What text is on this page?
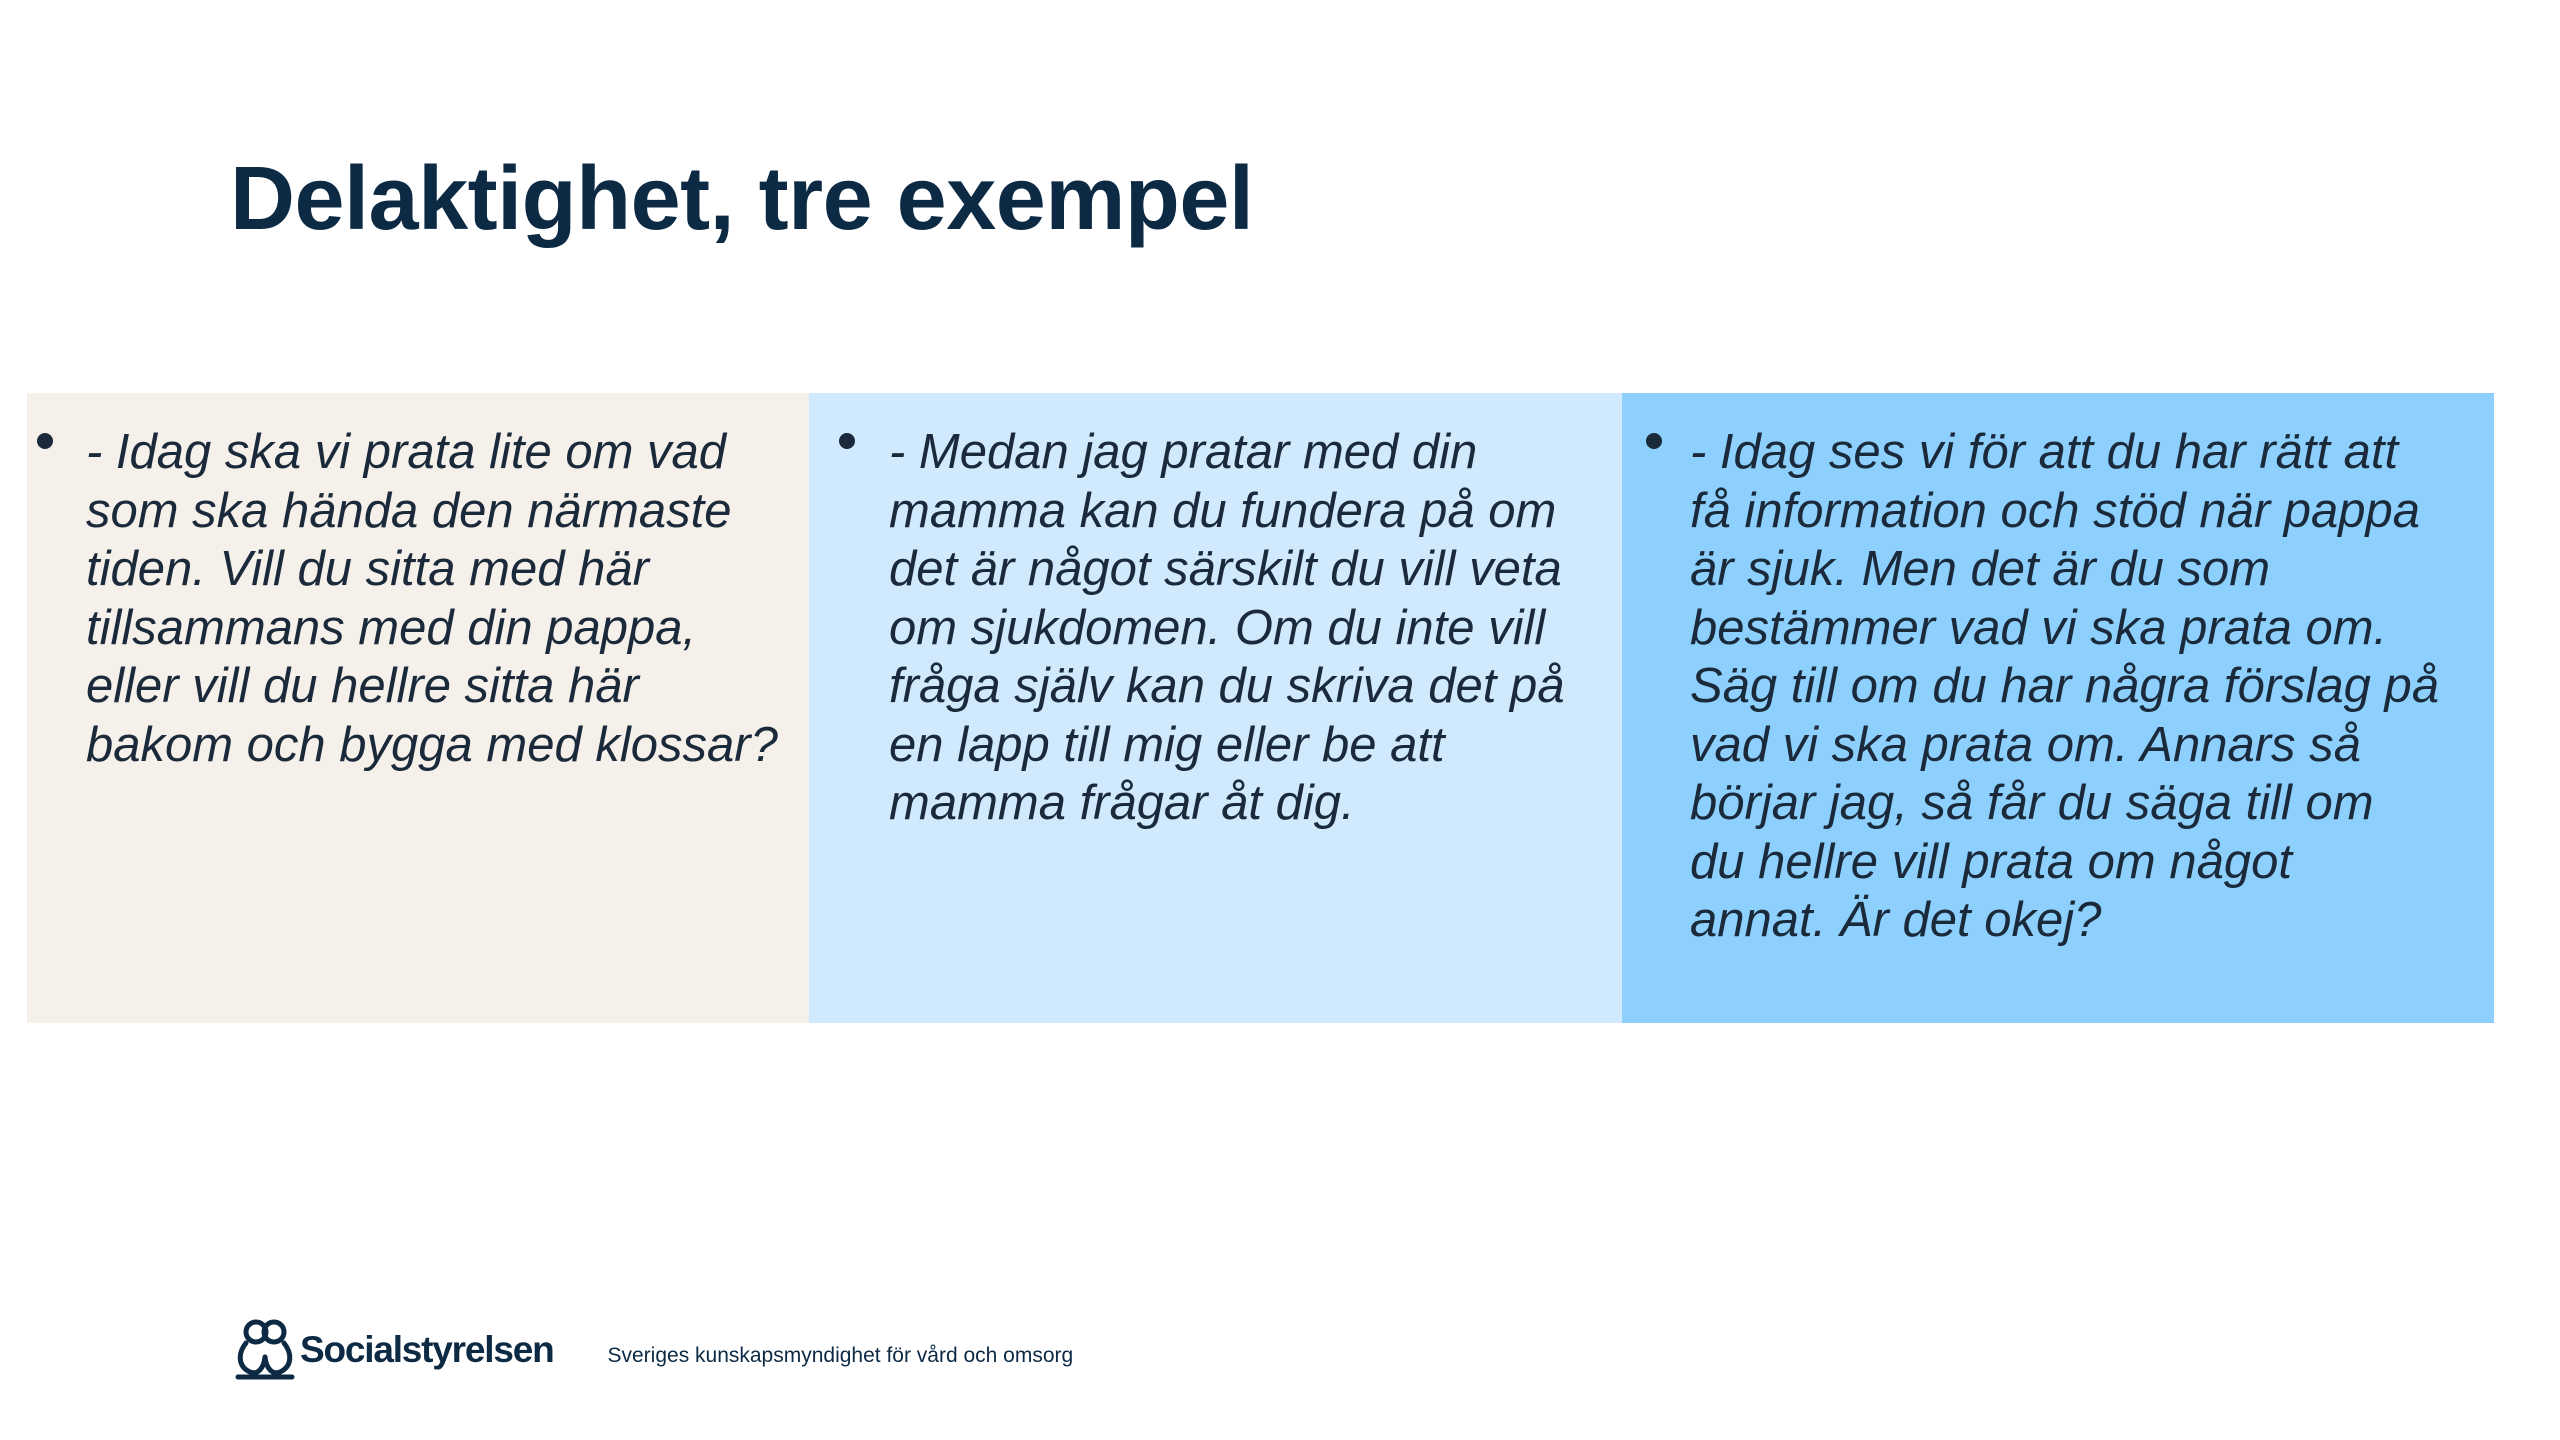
Delaktighet, tre exempel

- Idag ska vi prata lite om vad
som ska hända den närmaste
tiden. Vill du sitta med här
tillsammans med din pappa,
eller vill du hellre sitta här
bakom och bygga med klossar?

- Medan jag pratar med din
mamma kan du fundera på om
det är något särskilt du vill veta
om sjukdomen. Om du inte vill
fråga själv kan du skriva det på
en lapp till mig eller be att
mamma frågar åt dig.

- Idag ses vi för att du har rätt att
få information och stöd när pappa
är sjuk. Men det är du som
bestämmer vad vi ska prata om.
Säg till om du har några förslag på
vad vi ska prata om. Annars så
börjar jag, så får du säga till om
du hellre vill prata om något
annat. Är det okej?

Socialstyrelsen	Sveriges kunskapsmyndighet för vård och omsorg
